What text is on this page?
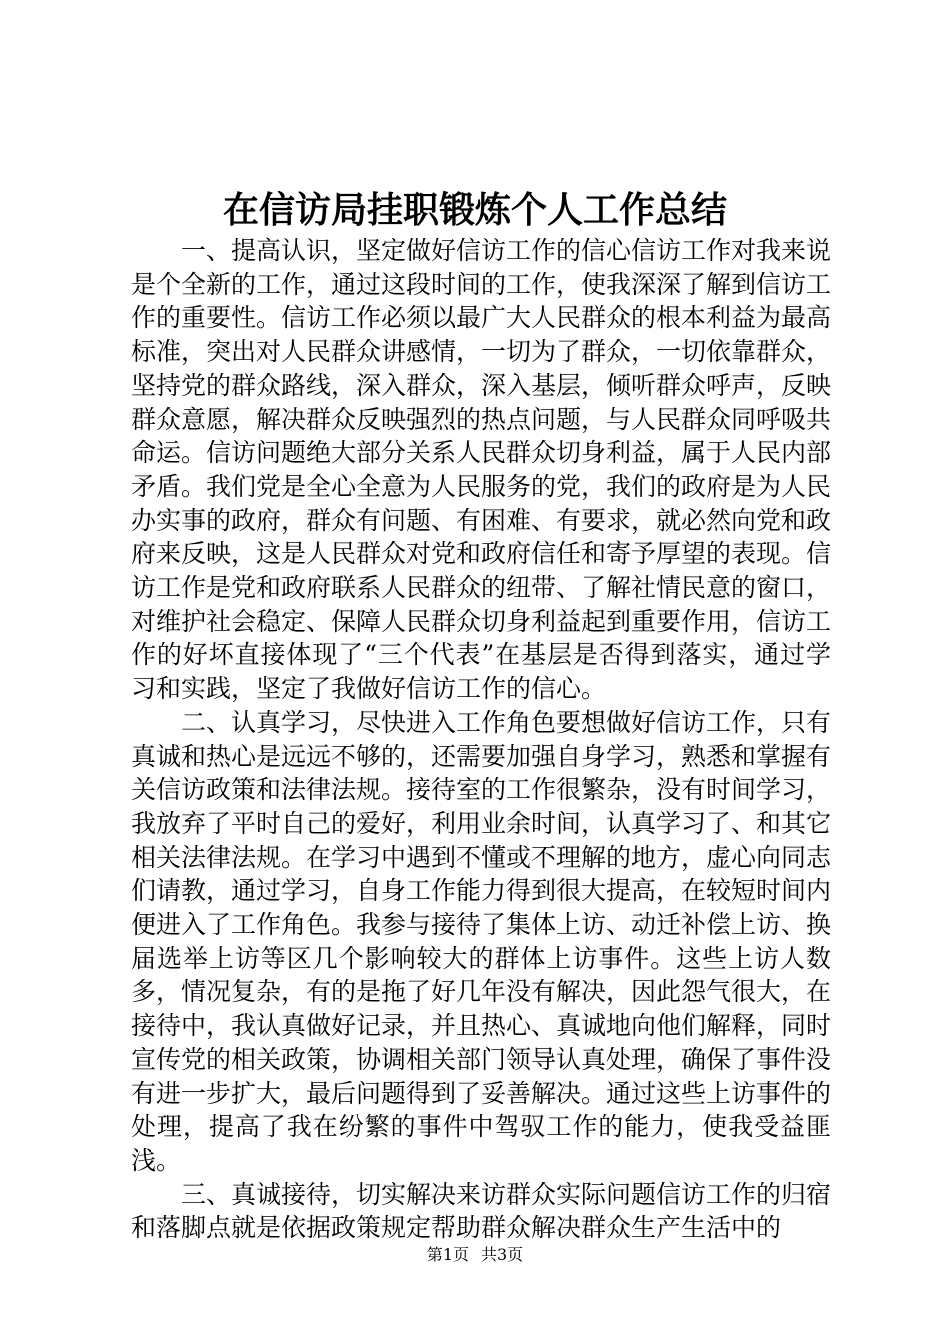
在信访局挂职锻炼个人工作总结

一、提高认识，坚定做好信访工作的信心信访工作对我来说是个全新的工作，通过这段时间的工作，使我深深了解到信访工作的重要性。信访工作必须以最广大人民群众的根本利益为最高标准，突出对人民群众讲感情，一切为了群众，一切依靠群众，坚持党的群众路线，深入群众，深入基层，倾听群众呼声，反映群众意愿，解决群众反映强烈的热点问题，与人民群众同呼吸共命运。信访问题绝大部分关系人民群众切身利益，属于人民内部矛盾。我们党是全心全意为人民服务的党，我们的政府是为人民办实事的政府，群众有问题、有困难、有要求，就必然向党和政府来反映，这是人民群众对党和政府信任和寄予厚望的表现。信访工作是党和政府联系人民群众的纽带、了解社情民意的窗口，对维护社会稳定、保障人民群众切身利益起到重要作用，信访工作的好坏直接体现了“三个代表”在基层是否得到落实，通过学习和实践，坚定了我做好信访工作的信心。

二、认真学习，尽快进入工作角色要想做好信访工作，只有真诚和热心是远远不够的，还需要加强自身学习，熟悉和掌握有关信访政策和法律法规。接待室的工作很繁杂，没有时间学习，我放弃了平时自己的爱好，利用业余时间，认真学习了、和其它相关法律法规。在学习中遇到不懂或不理解的地方，虚心向同志们请教，通过学习，自身工作能力得到很大提高，在较短时间内便进入了工作角色。我参与接待了集体上访、动迁补偿上访、换届选举上访等区几个影响较大的群体上访事件。这些上访人数多，情况复杂，有的是拖了好几年没有解决，因此怨气很大，在接待中，我认真做好记录，并且热心、真诚地向他们解释，同时宣传党的相关政策，协调相关部门领导认真处理，确保了事件没有进一步扩大，最后问题得到了妥善解决。通过这些上访事件的处理，提高了我在纷繁的事件中驾驭工作的能力，使我受益匪浅。

三、真诚接待，切实解决来访群众实际问题信访工作的归宿和落脚点就是依据政策规定帮助群众解决群众生产生活中的

第1页 共3页
